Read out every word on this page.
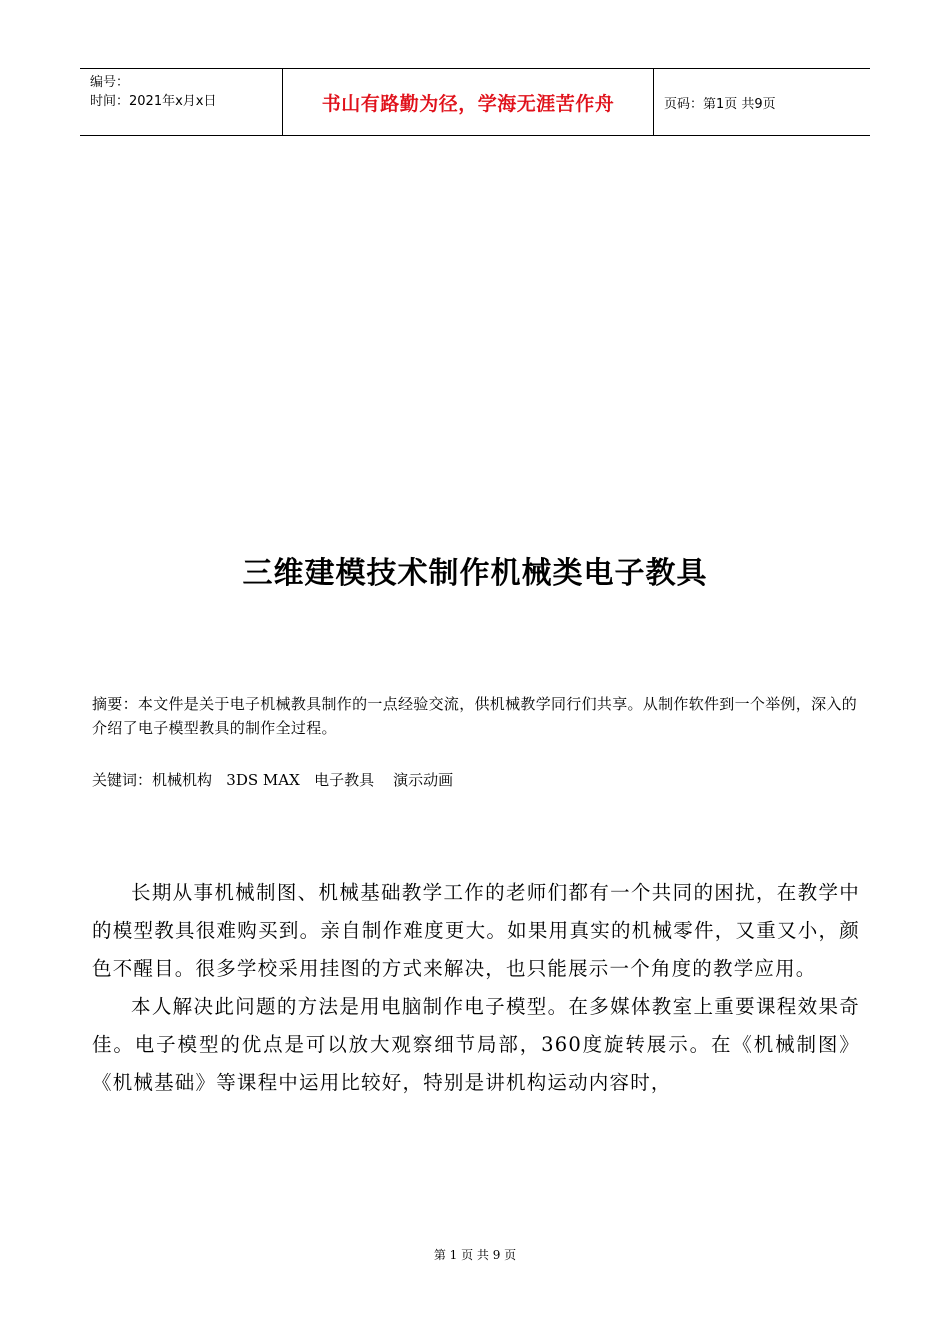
编号：
时间：2021年x月x日	书山有路勤为径，学海无涯苦作舟	页码：第1页 共9页
三维建模技术制作机械类电子教具
摘要：本文件是关于电子机械教具制作的一点经验交流，供机械教学同行们共享。从制作软件到一个举例，深入的介绍了电子模型教具的制作全过程。
关键词：机械机构   3DS MAX   电子教具    演示动画

长期从事机械制图、机械基础教学工作的老师们都有一个共同的困扰，在教学中的模型教具很难购买到。亲自制作难度更大。如果用真实的机械零件，又重又小，颜色不醒目。很多学校采用挂图的方式来解决，也只能展示一个角度的教学应用。

本人解决此问题的方法是用电脑制作电子模型。在多媒体教室上重要课程效果奇佳。电子模型的优点是可以放大观察细节局部，360度旋转展示。在《机械制图》《机械基础》等课程中运用比较好，特别是讲机构运动内容时，

第 1 页 共 9 页
